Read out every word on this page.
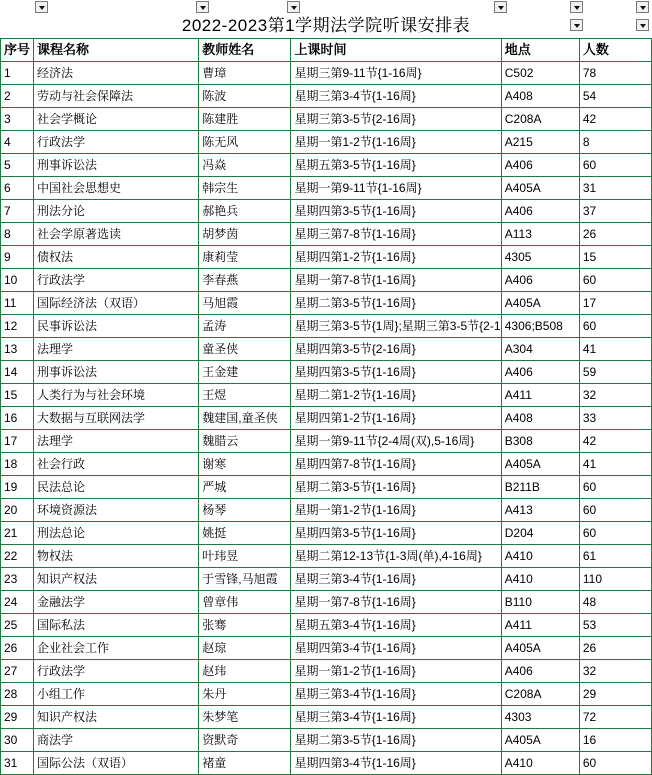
2022-2023第1学期法学院听课安排表
序号	课程名称	教师姓名	上课时间	地点	人数
1	经济法	曹璋	星期三第9-11节{1-16周}	C502	78
2	劳动与社会保障法	陈波	星期三第3-4节{1-16周}	A408	54
3	社会学概论	陈建胜	星期三第3-5节{2-16周}	C208A	42
4	行政法学	陈无风	星期一第1-2节{1-16周}	A215	8
5	刑事诉讼法	冯焱	星期五第3-5节{1-16周}	A406	60
6	中国社会思想史	韩宗生	星期一第9-11节{1-16周}	A405A	31
7	刑法分论	郝艳兵	星期四第3-5节{1-16周}	A406	37
8	社会学原著选读	胡梦茵	星期三第7-8节{1-16周}	A113	26
9	债权法	康莉莹	星期四第1-2节{1-16周}	4305	15
10	行政法学	李春燕	星期一第7-8节{1-16周}	A406	60
11	国际经济法（双语）	马旭霞	星期二第3-5节{1-16周}	A405A	17
12	民事诉讼法	孟涛	星期三第3-5节{1周};星期三第3-5节{2-1	4306;B508	60
13	法理学	童圣侠	星期四第3-5节{2-16周}	A304	41
14	刑事诉讼法	王金建	星期四第3-5节{1-16周}	A406	59
15	人类行为与社会环境	王煜	星期二第1-2节{1-16周}	A411	32
16	大数据与互联网法学	魏建国,童圣侠	星期四第1-2节{1-16周}	A408	33
17	法理学	魏腊云	星期一第9-11节{2-4周(双),5-16周}	B308	42
18	社会行政	谢寒	星期四第7-8节{1-16周}	A405A	41
19	民法总论	严城	星期二第3-5节{1-16周}	B211B	60
20	环境资源法	杨琴	星期一第1-2节{1-16周}	A413	60
21	刑法总论	姚挺	星期四第3-5节{1-16周}	D204	60
22	物权法	叶玮昱	星期二第12-13节{1-3周(单),4-16周}	A410	61
23	知识产权法	于雪锋,马旭霞	星期三第3-4节{1-16周}	A410	110
24	金融法学	曾章伟	星期一第7-8节{1-16周}	B110	48
25	国际私法	张骞	星期五第3-4节{1-16周}	A411	53
26	企业社会工作	赵琼	星期四第3-4节{1-16周}	A405A	26
27	行政法学	赵玮	星期一第1-2节{1-16周}	A406	32
28	小组工作	朱丹	星期三第3-4节{1-16周}	C208A	29
29	知识产权法	朱梦笔	星期三第3-4节{1-16周}	4303	72
30	商法学	资默奇	星期二第3-5节{1-16周}	A405A	16
31	国际公法（双语）	褚童	星期四第3-4节{1-16周}	A410	60
